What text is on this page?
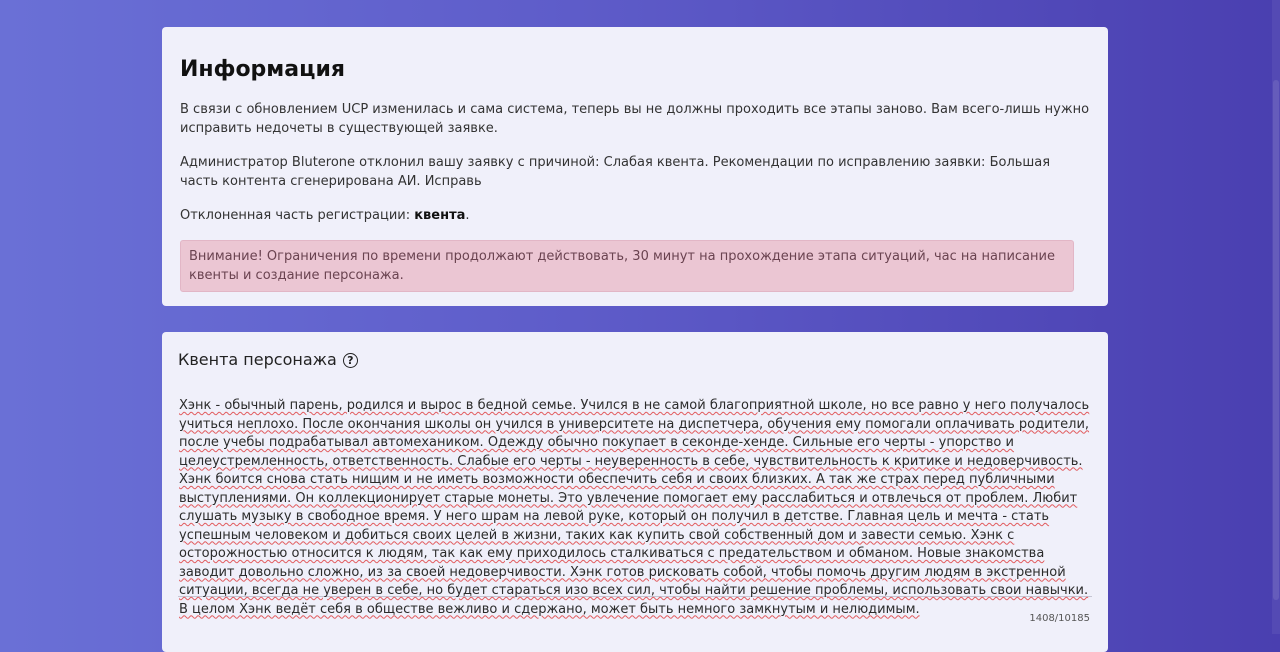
Информация

В связи с обновлением UCP изменилась и сама система, теперь вы не должны проходить все этапы заново. Вам всего-лишь нужно исправить недочеты в существующей заявке.

Администратор Bluterone отклонил вашу заявку с причиной: Слабая квента. Рекомендации по исправлению заявки: Большая часть контента сгенерирована АИ. Исправь

Отклоненная часть регистрации: квента.

Внимание! Ограничения по времени продолжают действовать, 30 минут на прохождение этапа ситуаций, час на написание квенты и создание персонажа.
Квента персонажа ?
Хэнк - обычный парень, родился и вырос в бедной семье. Учился в не самой благоприятной школе, но все равно у него получалось учиться неплохо. После окончания школы он учился в университете на диспетчера, обучения ему помогали оплачивать родители, после учебы подрабатывал автомехаником. Одежду обычно покупает в секонде-хенде. Сильные его черты - упорство и целеустремленность, ответственность. Слабые его черты - неуверенность в себе, чувствительность к критике и недоверчивость. Хэнк боится снова стать нищим и не иметь возможности обеспечить себя и своих близких. А так же страх перед публичными выступлениями. Он коллекционирует старые монеты. Это увлечение помогает ему расслабиться и отвлечься от проблем. Любит слушать музыку в свободное время. У него шрам на левой руке, который он получил в детстве. Главная цель и мечта - стать успешным человеком и добиться своих целей в жизни, таких как купить свой собственный дом и завести семью. Хэнк с осторожностью относится к людям, так как ему приходилось сталкиваться с предательством и обманом. Новые знакомства заводит довольно сложно, из за своей недоверчивости. Хэнк готов рисковать собой, чтобы помочь другим людям в экстренной ситуации, всегда не уверен в себе, но будет стараться изо всех сил, чтобы найти решение проблемы, использовать свои навычки. В целом Хэнк ведёт себя в обществе вежливо и сдержано, может быть немного замкнутым и нелюдимым.
1408/10185
